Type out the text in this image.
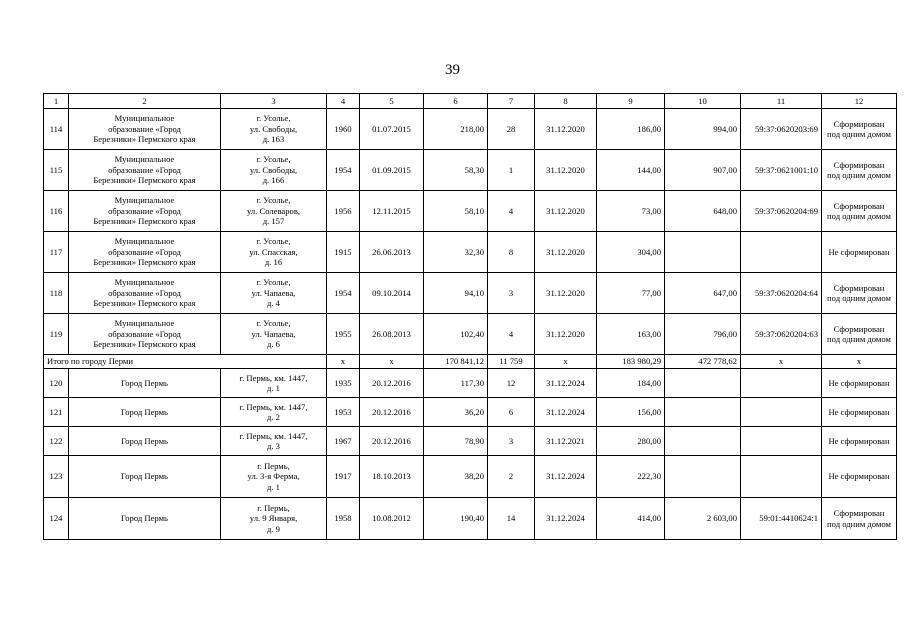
39
1	2	3	4	5	6	7	8	9	10	11	12
114	Муниципальное
образование «Город
Березники» Пермского края	г. Усолье,
ул. Свободы,
д. 163	1960	01.07.2015	218,00	28	31.12.2020	186,00	994,00	59:37:0620203:69	Сформирован
под одним домом

115	Муниципальное
образование «Город
Березники» Пермского края	г. Усолье,
ул. Свободы,
д. 166	1954	01.09.2015	58,30	1	31.12.2020	144,00	907,00	59:37:0621001:10	Сформирован
под одним домом

116	Муниципальное
образование «Город
Березники» Пермского края	г. Усолье,
ул. Солеваров,
д. 157	1956	12.11.2015	58,10	4	31.12.2020	73,00	648,00	59:37:0620204:69	Сформирован
под одним домом

117	Муниципальное
образование «Город
Березники» Пермского края	г. Усолье,
ул. Спасская,
д. 16	1915	26.06.2013	32,30	8	31.12.2020	304,00			Не сформирован

118	Муниципальное
образование «Город
Березники» Пермского края	г. Усолье,
ул. Чапаева,
д. 4	1954	09.10.2014	94,10	3	31.12.2020	77,00	647,00	59:37:0620204:64	Сформирован
под одним домом

119	Муниципальное
образование «Город
Березники» Пермского края	г. Усолье,
ул. Чапаева,
д. 6	1955	26.08.2013	102,40	4	31.12.2020	163,00	796,00	59:37:0620204:63	Сформирован
под одним домом

Итого по городу Перми			x	x	170 841,12	11 759	x	183 980,29	472 778,62	x	x
120	Город Пермь	г. Пермь, км. 1447,
д. 1	1935	20.12.2016	117,30	12	31.12.2024	184,00			Не сформирован

121	Город Пермь	г. Пермь, км. 1447,
д. 2	1953	20.12.2016	36,20	6	31.12.2024	156,00			Не сформирован

122	Город Пермь	г. Пермь, км. 1447,
д. 3	1967	20.12.2016	78,90	3	31.12.2021	280,00			Не сформирован

123	Город Пермь	г. Пермь,
ул. 3-я Ферма,
д. 1	1917	18.10.2013	38,20	2	31.12.2024	222,30			Не сформирован

124	Город Пермь	г. Пермь,
ул. 9 Января,
д. 9	1958	10.08.2012	190,40	14	31.12.2024	414,00	2 603,00	59:01:4410624:1	Сформирован
под одним домом
